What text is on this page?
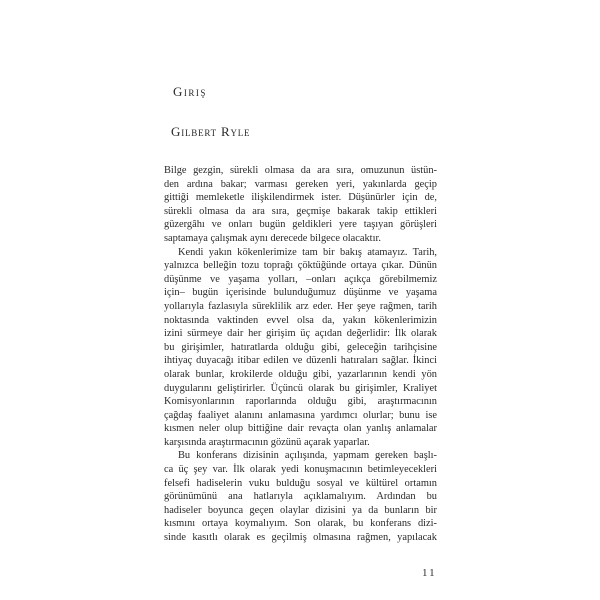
Giriş
Gilbert Ryle
Bilge gezgin, sürekli olmasa da ara sıra, omuzunun üstün-
den ardına bakar; varması gereken yeri, yakınlarda geçip
gittiği memleketle ilişkilendirmek ister. Düşünürler için de,
sürekli olmasa da ara sıra, geçmişe bakarak takip ettikleri
güzergâhı ve onları bugün geldikleri yere taşıyan görüşleri
saptamaya çalışmak aynı derecede bilgece olacaktır.
Kendi yakın kökenlerimize tam bir bakış atamayız. Tarih,
yalnızca belleğin tozu toprağı çöktüğünde ortaya çıkar. Dünün
düşünme ve yaşama yolları, –onları açıkça görebilmemiz
için– bugün içerisinde bulunduğumuz düşünme ve yaşama
yollarıyla fazlasıyla süreklilik arz eder. Her şeye rağmen, tarih
noktasında vaktinden evvel olsa da, yakın kökenlerimizin
izini sürmeye dair her girişim üç açıdan değerlidir: İlk olarak
bu girişimler, hatıratlarda olduğu gibi, geleceğin tarihçisine
ihtiyaç duyacağı itibar edilen ve düzenli hatıraları sağlar. İkinci
olarak bunlar, krokilerde olduğu gibi, yazarlarının kendi yön
duygularını geliştirirler. Üçüncü olarak bu girişimler, Kraliyet
Komisyonlarının raporlarında olduğu gibi, araştırmacının
çağdaş faaliyet alanını anlamasına yardımcı olurlar; bunu ise
kısmen neler olup bittiğine dair revaçta olan yanlış anlamalar
karşısında araştırmacının gözünü açarak yaparlar.
Bu konferans dizisinin açılışında, yapmam gereken başlı-
ca üç şey var. İlk olarak yedi konuşmacının betimleyecekleri
felsefi hadiselerin vuku bulduğu sosyal ve kültürel ortamın
görünümünü ana hatlarıyla açıklamalıyım. Ardından bu
hadiseler boyunca geçen olaylar dizisini ya da bunların bir
kısmını ortaya koymalıyım. Son olarak, bu konferans dizi-
sinde kasıtlı olarak es geçilmiş olmasına rağmen, yapılacak
11
